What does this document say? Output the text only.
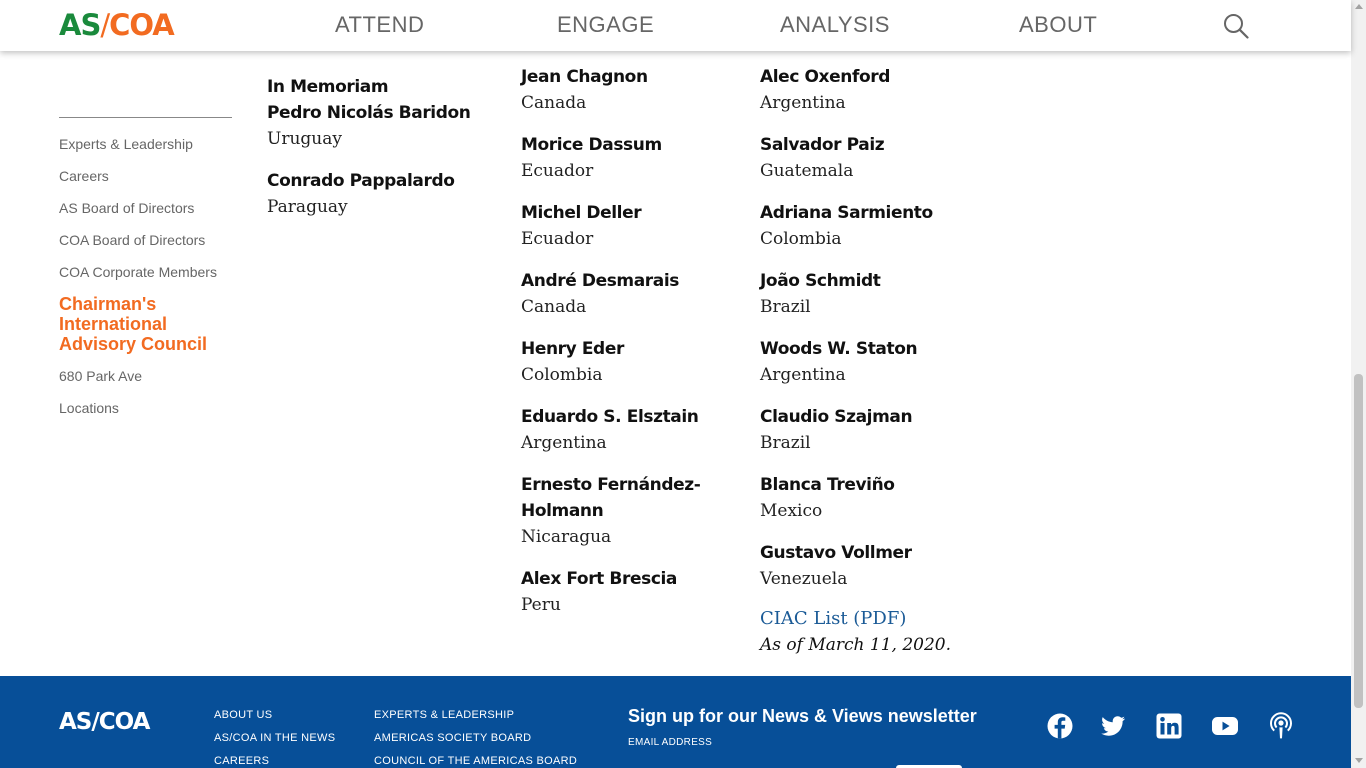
AS/COA	ATTEND	ENGAGE	ANALYSIS	ABOUT
Experts & Leadership
Careers
AS Board of Directors
COA Board of Directors
COA Corporate Members
Chairman's International Advisory Council
680 Park Ave
Locations
In Memoriam
Pedro Nicolás Baridon
Uruguay
Conrado Pappalardo
Paraguay
Jean Chagnon
Canada
Morice Dassum
Ecuador
Michel Deller
Ecuador
André Desmarais
Canada
Henry Eder
Colombia
Eduardo S. Elsztain
Argentina
Ernesto Fernández-
Holmann
Nicaragua
Alex Fort Brescia
Peru
Alec Oxenford
Argentina
Salvador Paiz
Guatemala
Adriana Sarmiento
Colombia
João Schmidt
Brazil
Woods W. Staton
Argentina
Claudio Szajman
Brazil
Blanca Treviño
Mexico
Gustavo Vollmer
Venezuela
CIAC List (PDF)
As of March 11, 2020.
AS/COA	ABOUT US
AS/COA IN THE NEWS
CAREERS
EXPERTS & LEADERSHIP
AMERICAS SOCIETY BOARD
COUNCIL OF THE AMERICAS BOARD
Sign up for our News & Views newsletter
EMAIL ADDRESS
